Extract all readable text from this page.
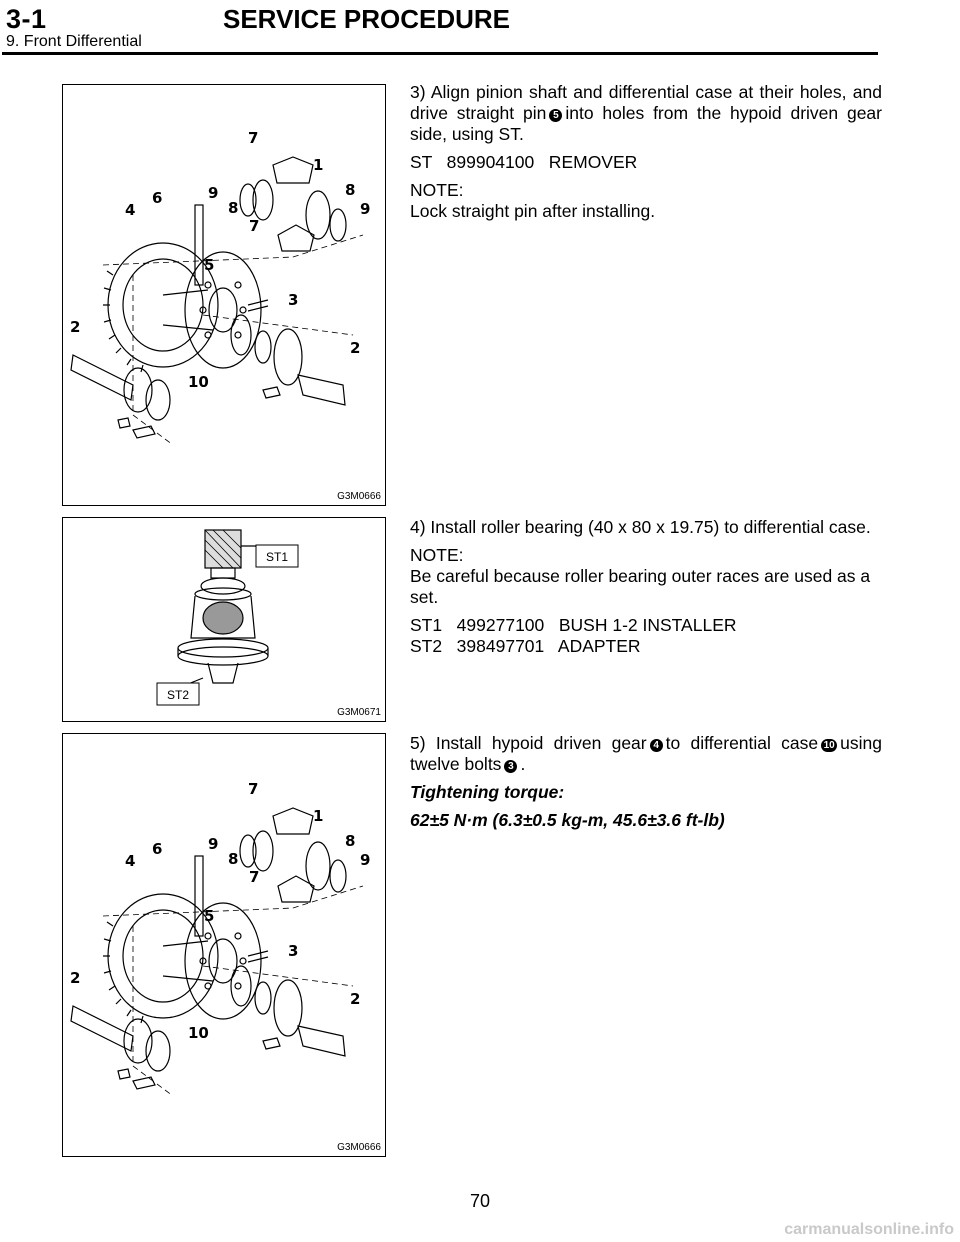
3-1	SERVICE PROCEDURE
9. Front Differential
7
1
9
8
8
9
4
6
7
5
3
2
2
10
G3M0666
ST1
ST2
G3M0671
7
1
9
8
8
9
4
6
7
5
3
2
2
10
G3M0666

3) Align pinion shaft and differential case at their holes, and drive straight pin 5 into holes from the hypoid driven gear side, using ST.

ST   899904100   REMOVER

NOTE:
Lock straight pin after installing.

4) Install roller bearing (40 x 80 x 19.75) to differential case.

NOTE:
Be careful because roller bearing outer races are used as a set.

ST1   499277100   BUSH 1-2 INSTALLER
ST2   398497701   ADAPTER

5) Install hypoid driven gear 4 to differential case 10 using twelve bolts 3 .

Tightening torque:

62±5 N·m (6.3±0.5 kg-m, 45.6±3.6 ft-lb)

70
carmanualsonline.info
